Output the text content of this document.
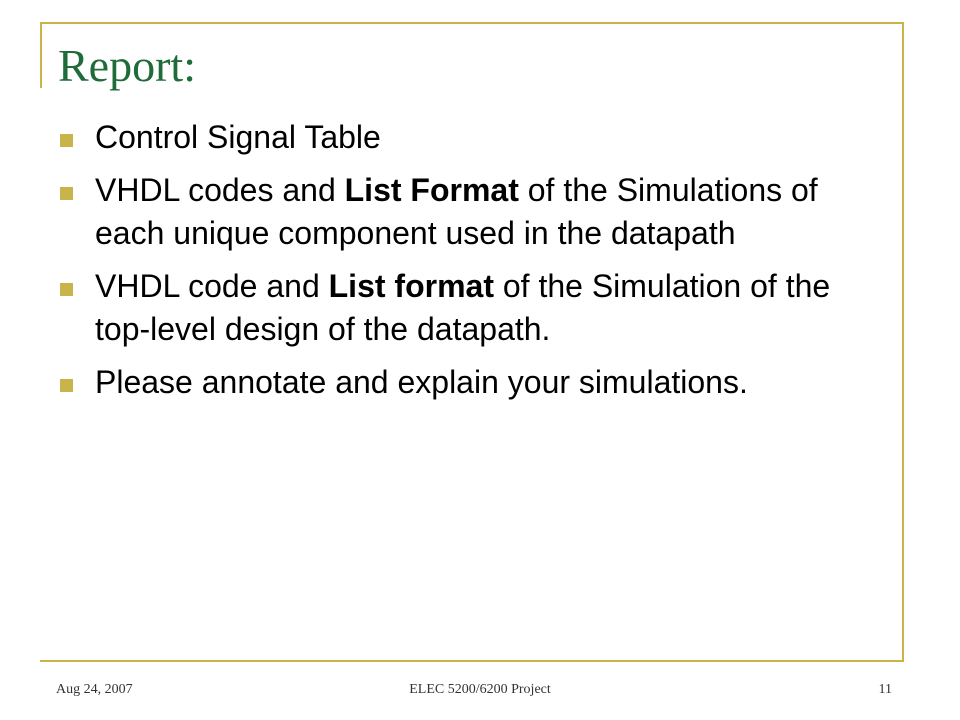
Report:
Control Signal Table
VHDL codes and List Format of the Simulations of each unique component used in the datapath
VHDL code and List format of the Simulation of the top-level design of the datapath.
Please annotate and explain your simulations.
Aug 24, 2007	ELEC 5200/6200 Project	11
